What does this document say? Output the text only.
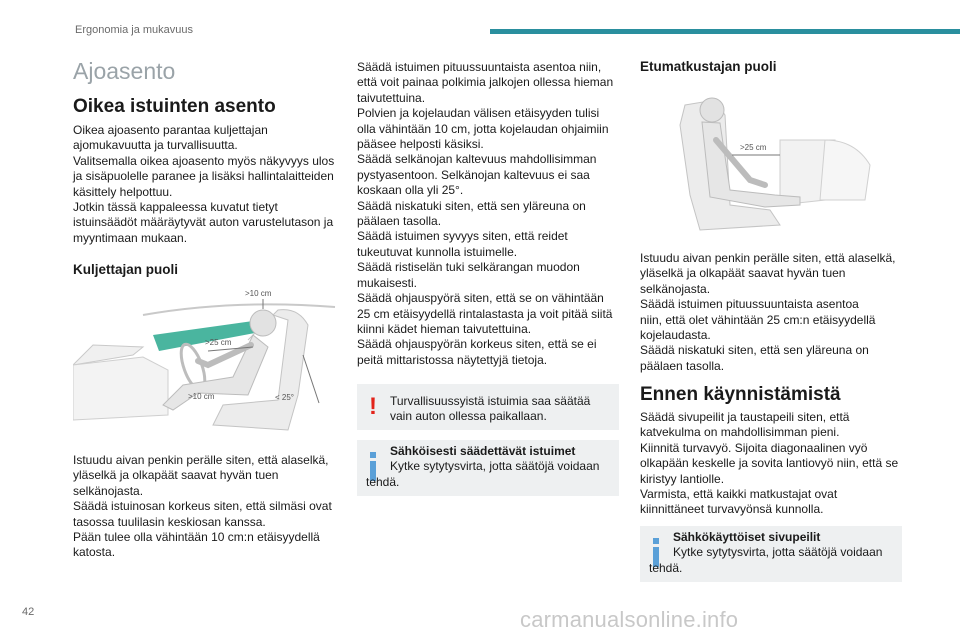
Ergonomia ja mukavuus
Ajoasento
Oikea istuinten asento

Oikea ajoasento parantaa kuljettajan
ajomukavuutta ja turvallisuutta.
Valitsemalla oikea ajoasento myös näkyvyys ulos
ja sisäpuolelle paranee ja lisäksi hallintalaitteiden
käsittely helpottuu.
Jotkin tässä kappaleessa kuvatut tietyt
istuinsäädöt määräytyvät auton varustelutason ja
myyntimaan mukaan.

Kuljettajan puoli
>10 cm
>25 cm
>10 cm	< 25°

Istuudu aivan penkin perälle siten, että alaselkä,
yläselkä ja olkapäät saavat hyvän tuen
selkänojasta.
Säädä istuinosan korkeus siten, että silmäsi ovat
tasossa tuulilasin keskiosan kanssa.
Pään tulee olla vähintään 10 cm:n etäisyydellä
katosta.

Säädä istuimen pituussuuntaista asentoa niin,
että voit painaa polkimia jalkojen ollessa hieman
taivutettuina.
Polvien ja kojelaudan välisen etäisyyden tulisi
olla vähintään 10 cm, jotta kojelaudan ohjaimiin
pääsee helposti käsiksi.
Säädä selkänojan kaltevuus mahdollisimman
pystyasentoon. Selkänojan kaltevuus ei saa
koskaan olla yli 25°.
Säädä niskatuki siten, että sen yläreuna on
päälaen tasolla.
Säädä istuimen syvyys siten, että reidet
tukeutuvat kunnolla istuimelle.
Säädä ristiselän tuki selkärangan muodon
mukaisesti.
Säädä ohjauspyörä siten, että se on vähintään
25 cm etäisyydellä rintalastasta ja voit pitää siitä
kiinni kädet hieman taivutettuina.
Säädä ohjauspyörän korkeus siten, että se ei
peitä mittaristossa näytettyjä tietoja.

! Turvallisuussyistä istuimia saa säätää
vain auton ollessa paikallaan.
Sähköisesti säädettävät istuimet
Kytke sytytysvirta, jotta säätöjä voidaan
tehdä.
Etumatkustajan puoli
>25 cm

Istuudu aivan penkin perälle siten, että alaselkä,
yläselkä ja olkapäät saavat hyvän tuen
selkänojasta.
Säädä istuimen pituussuuntaista asentoa
niin, että olet vähintään 25 cm:n etäisyydellä
kojelaudasta.
Säädä niskatuki siten, että sen yläreuna on
päälaen tasolla.

Ennen käynnistämistä

Säädä sivupeilit ja taustapeili siten, että
katvekulma on mahdollisimman pieni.
Kiinnitä turvavyö. Sijoita diagonaalinen vyö
olkapään keskelle ja sovita lantiovyö niin, että se
kiristyy lantiolle.
Varmista, että kaikki matkustajat ovat
kiinnittäneet turvavyönsä kunnolla.

Sähkökäyttöiset sivupeilit
Kytke sytytysvirta, jotta säätöjä voidaan
tehdä.
42	carmanualsonline.info
